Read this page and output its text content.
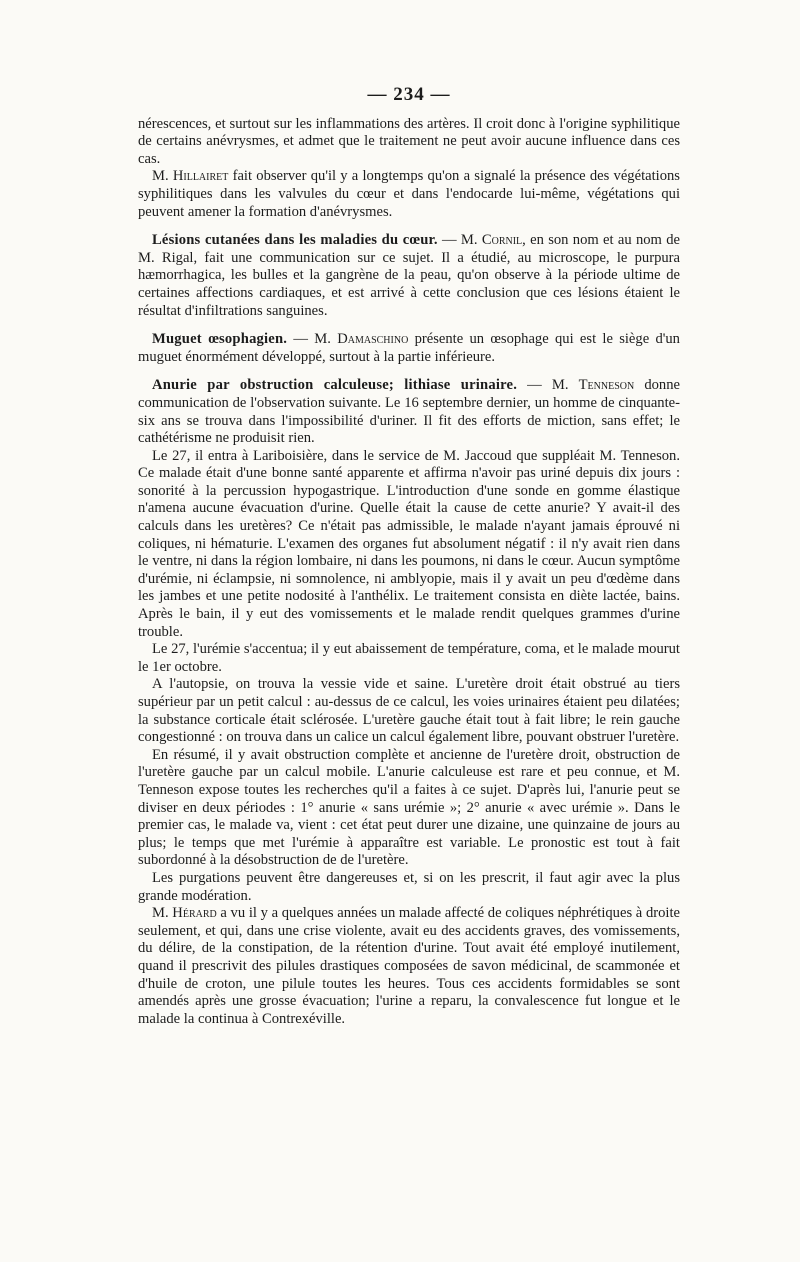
— 234 —

nérescences, et surtout sur les inflammations des artères. Il croit donc à l'origine syphilitique de certains anévrysmes, et admet que le traitement ne peut avoir aucune influence dans ces cas.

M. Hillairet fait observer qu'il y a longtemps qu'on a signalé la présence des végétations syphilitiques dans les valvules du cœur et dans l'endocarde lui-même, végétations qui peuvent amener la formation d'anévrysmes.

Lésions cutanées dans les maladies du cœur. — M. Cornil, en son nom et au nom de M. Rigal, fait une communication sur ce sujet. Il a étudié, au microscope, le purpura hæmorrhagica, les bulles et la gangrène de la peau, qu'on observe à la période ultime de certaines affections cardiaques, et est arrivé à cette conclusion que ces lésions étaient le résultat d'infiltrations sanguines.

Muguet œsophagien. — M. Damaschino présente un œsophage qui est le siège d'un muguet énormément développé, surtout à la partie inférieure.

Anurie par obstruction calculeuse; lithiase urinaire. — M. Tenneson donne communication de l'observation suivante. Le 16 septembre dernier, un homme de cinquante-six ans se trouva dans l'impossibilité d'uriner. Il fit des efforts de miction, sans effet; le cathétérisme ne produisit rien.

Le 27, il entra à Lariboisière, dans le service de M. Jaccoud que suppléait M. Tenneson. Ce malade était d'une bonne santé apparente et affirma n'avoir pas uriné depuis dix jours : sonorité à la percussion hypogastrique. L'introduction d'une sonde en gomme élastique n'amena aucune évacuation d'urine. Quelle était la cause de cette anurie? Y avait-il des calculs dans les uretères? Ce n'était pas admissible, le malade n'ayant jamais éprouvé ni coliques, ni hématurie. L'examen des organes fut absolument négatif : il n'y avait rien dans le ventre, ni dans la région lombaire, ni dans les poumons, ni dans le cœur. Aucun symptôme d'urémie, ni éclampsie, ni somnolence, ni amblyopie, mais il y avait un peu d'œdème dans les jambes et une petite nodosité à l'anthélix. Le traitement consista en diète lactée, bains. Après le bain, il y eut des vomissements et le malade rendit quelques grammes d'urine trouble.

Le 27, l'urémie s'accentua; il y eut abaissement de température, coma, et le malade mourut le 1er octobre.

A l'autopsie, on trouva la vessie vide et saine. L'uretère droit était obstrué au tiers supérieur par un petit calcul : au-dessus de ce calcul, les voies urinaires étaient peu dilatées; la substance corticale était sclérosée. L'uretère gauche était tout à fait libre; le rein gauche congestionné : on trouva dans un calice un calcul également libre, pouvant obstruer l'uretère.

En résumé, il y avait obstruction complète et ancienne de l'uretère droit, obstruction de l'uretère gauche par un calcul mobile. L'anurie calculeuse est rare et peu connue, et M. Tenneson expose toutes les recherches qu'il a faites à ce sujet. D'après lui, l'anurie peut se diviser en deux périodes : 1° anurie « sans urémie »; 2° anurie « avec urémie ». Dans le premier cas, le malade va, vient : cet état peut durer une dizaine, une quinzaine de jours au plus; le temps que met l'urémie à apparaître est variable. Le pronostic est tout à fait subordonné à la désobstruction de de l'uretère.

Les purgations peuvent être dangereuses et, si on les prescrit, il faut agir avec la plus grande modération.

M. Hérard a vu il y a quelques années un malade affecté de coliques néphrétiques à droite seulement, et qui, dans une crise violente, avait eu des accidents graves, des vomissements, du délire, de la constipation, de la rétention d'urine. Tout avait été employé inutilement, quand il prescrivit des pilules drastiques composées de savon médicinal, de scammonée et d'huile de croton, une pilule toutes les heures. Tous ces accidents formidables se sont amendés après une grosse évacuation; l'urine a reparu, la convalescence fut longue et le malade la continua à Contrexéville.
